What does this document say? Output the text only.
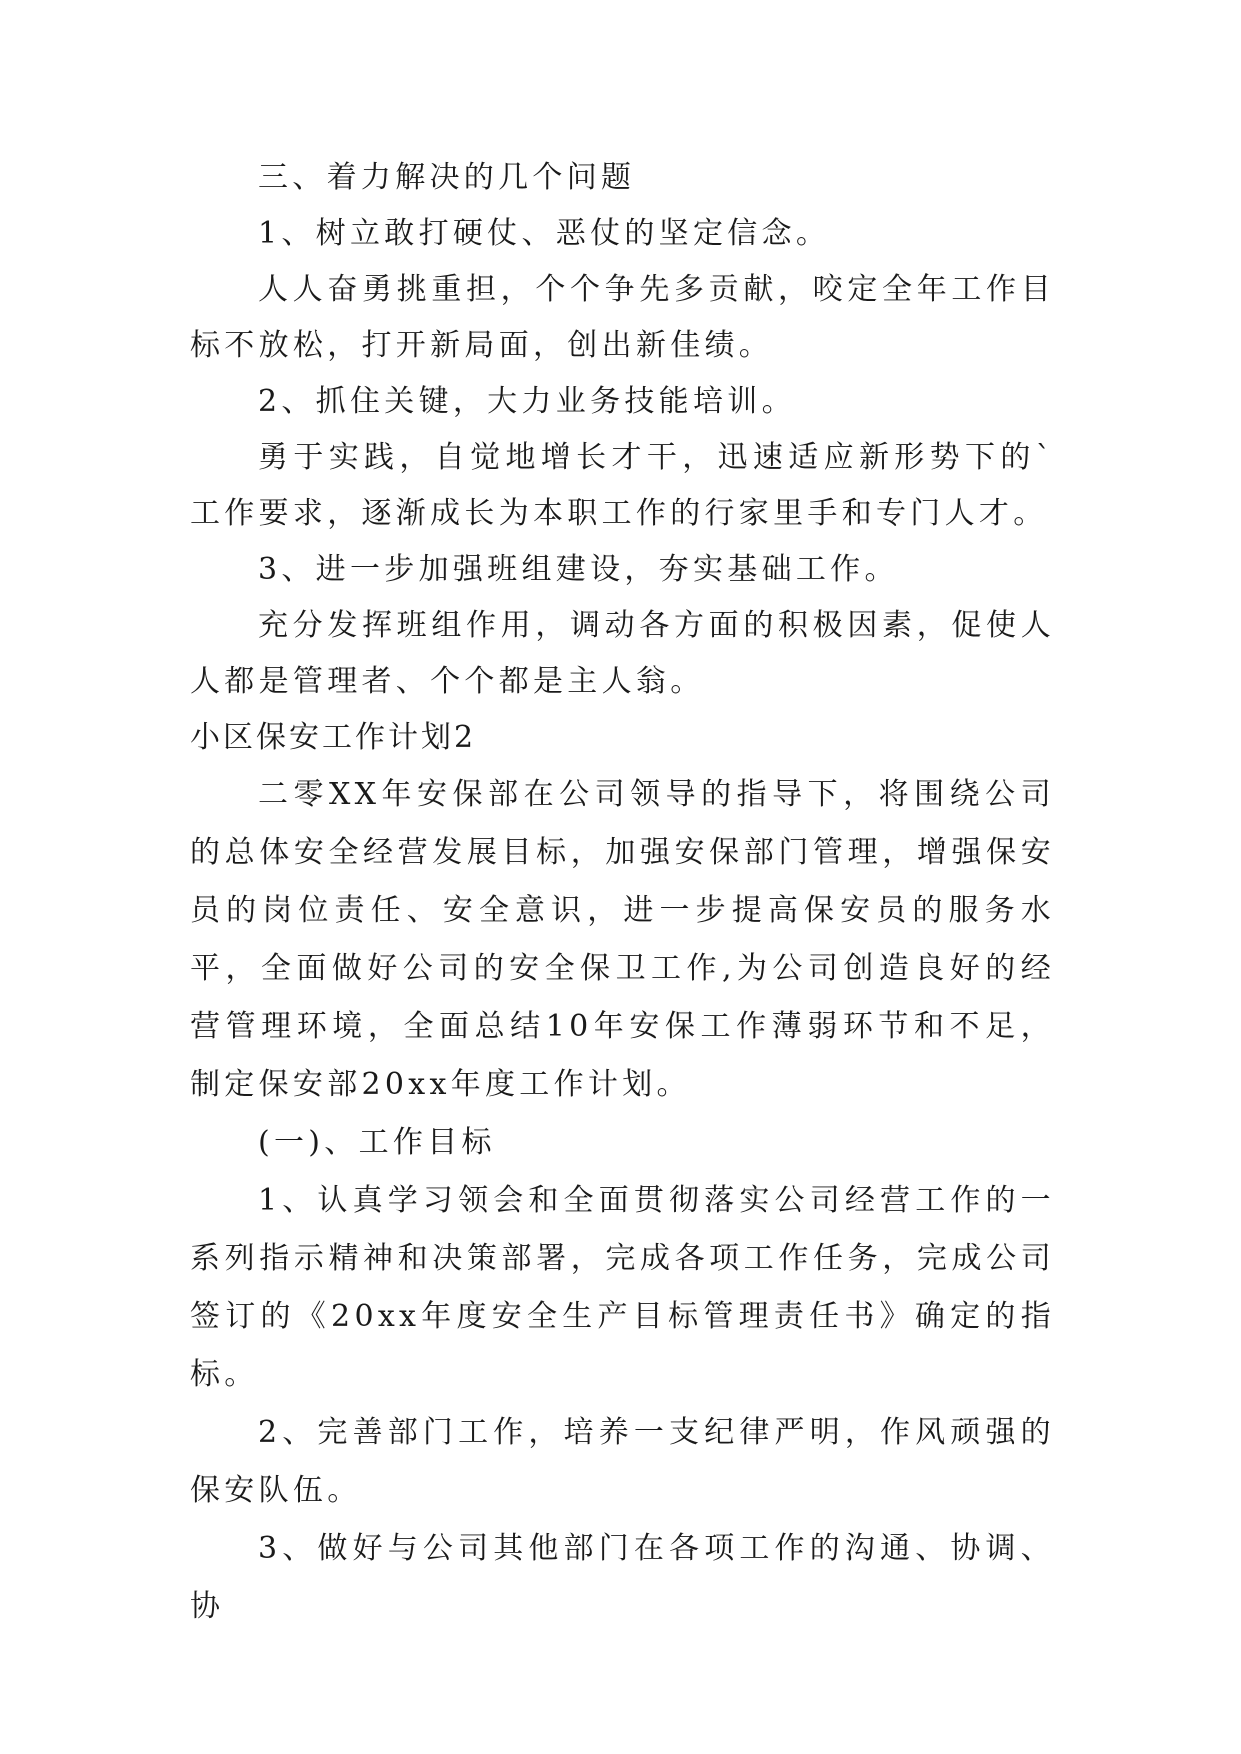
三、着力解决的几个问题

1、树立敢打硬仗、恶仗的坚定信念。

人人奋勇挑重担，个个争先多贡献，咬定全年工作目标不放松，打开新局面，创出新佳绩。

2、抓住关键，大力业务技能培训。

勇于实践，自觉地增长才干，迅速适应新形势下的`工作要求，逐渐成长为本职工作的行家里手和专门人才。

3、进一步加强班组建设，夯实基础工作。

充分发挥班组作用，调动各方面的积极因素，促使人人都是管理者、个个都是主人翁。

小区保安工作计划2

二零XX年安保部在公司领导的指导下，将围绕公司的总体安全经营发展目标，加强安保部门管理，增强保安员的岗位责任、安全意识，进一步提高保安员的服务水平，全面做好公司的安全保卫工作,为公司创造良好的经营管理环境，全面总结10年安保工作薄弱环节和不足，制定保安部20xx年度工作计划。

(一)、工作目标

1、认真学习领会和全面贯彻落实公司经营工作的一系列指示精神和决策部署，完成各项工作任务，完成公司签订的《20xx年度安全生产目标管理责任书》确定的指标。

2、完善部门工作，培养一支纪律严明，作风顽强的保安队伍。

3、做好与公司其他部门在各项工作的沟通、协调、协
